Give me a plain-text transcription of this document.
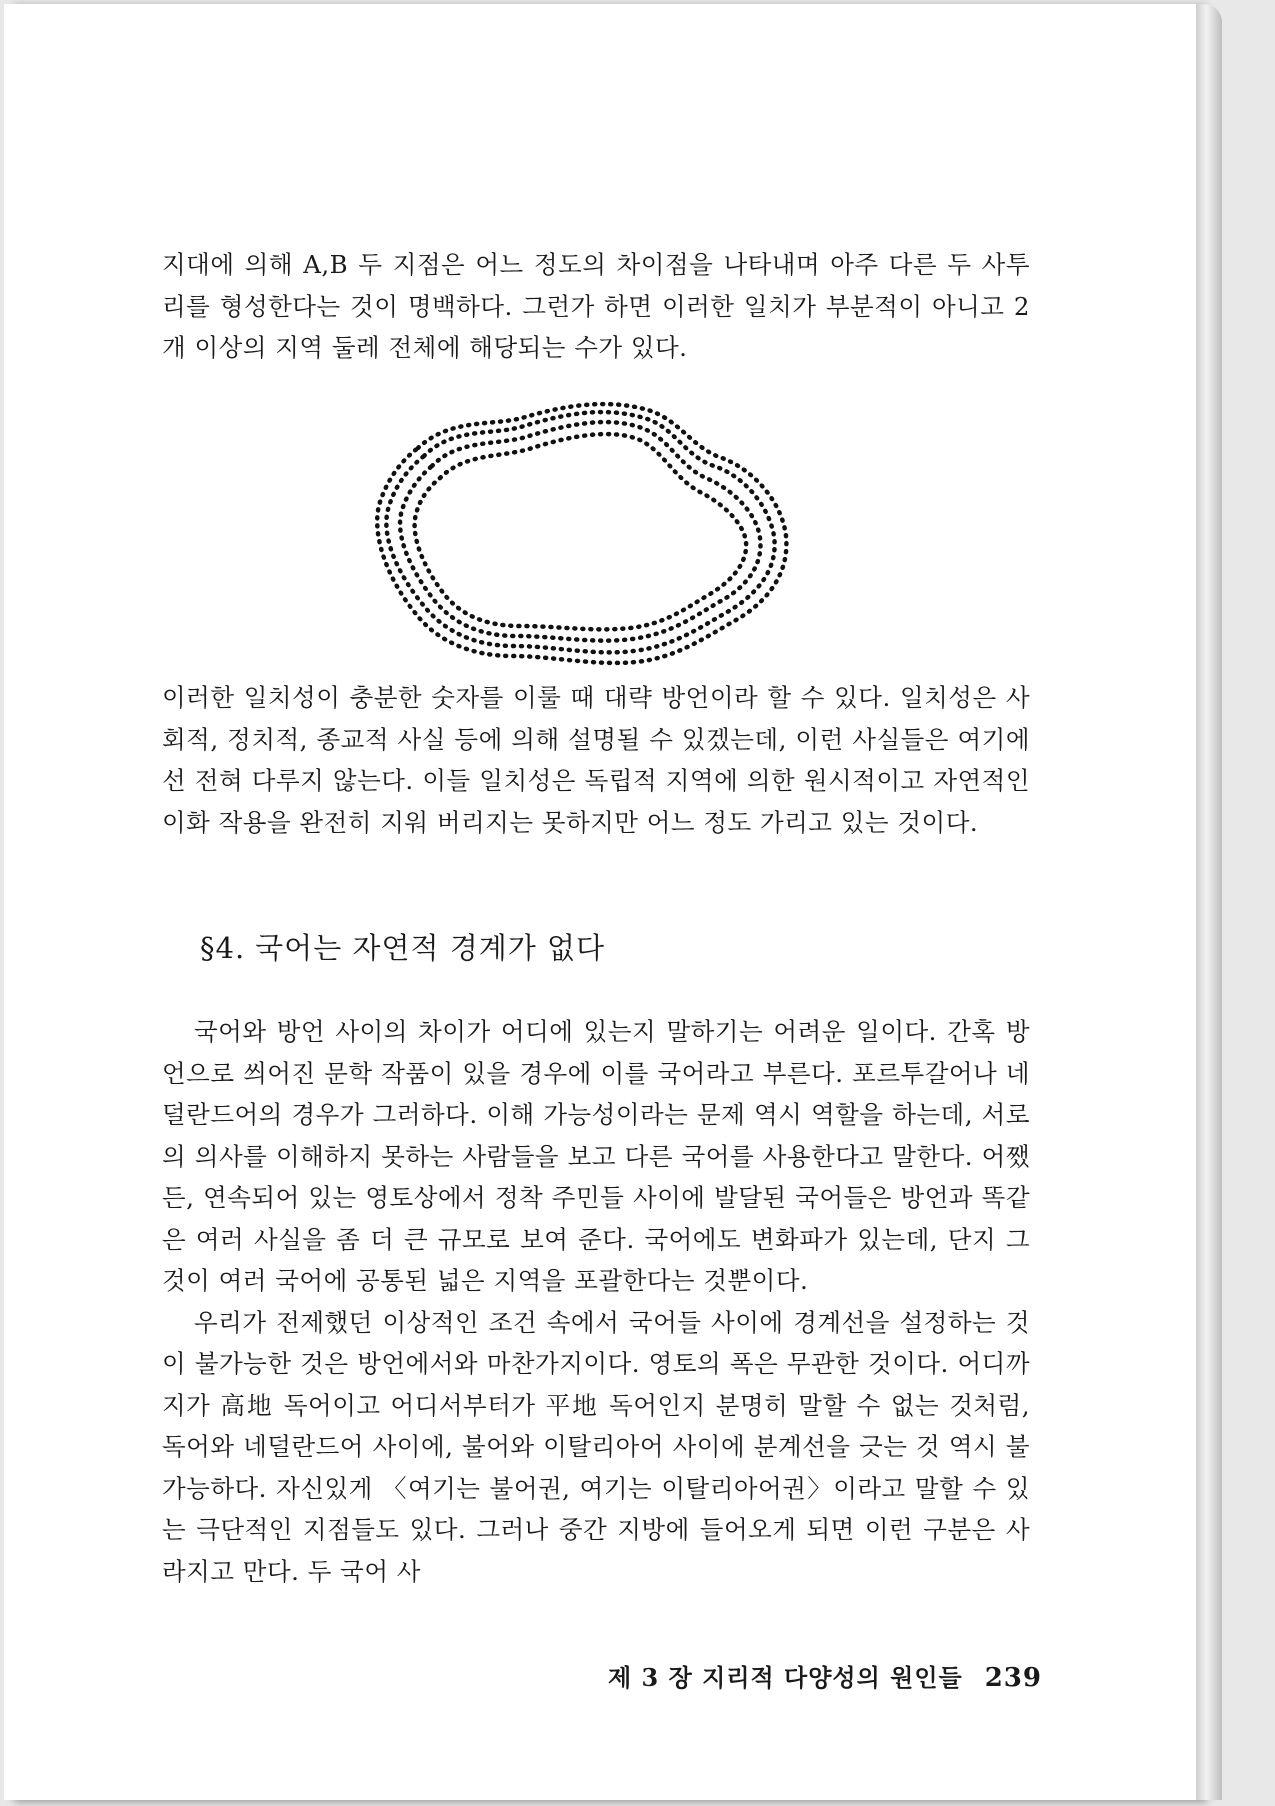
지대에 의해 A,B 두 지점은 어느 정도의 차이점을 나타내며 아주 다른 두 사투리를 형성한다는 것이 명백하다. 그런가 하면 이러한 일치가 부분적이 아니고 2개 이상의 지역 둘레 전체에 해당되는 수가 있다.

이러한 일치성이 충분한 숫자를 이룰 때 대략 방언이라 할 수 있다. 일치성은 사회적, 정치적, 종교적 사실 등에 의해 설명될 수 있겠는데, 이런 사실들은 여기에선 전혀 다루지 않는다. 이들 일치성은 독립적 지역에 의한 원시적이고 자연적인 이화 작용을 완전히 지워 버리지는 못하지만 어느 정도 가리고 있는 것이다.

§4. 국어는 자연적 경계가 없다

국어와 방언 사이의 차이가 어디에 있는지 말하기는 어려운 일이다. 간혹 방언으로 씌어진 문학 작품이 있을 경우에 이를 국어라고 부른다. 포르투갈어나 네덜란드어의 경우가 그러하다. 이해 가능성이라는 문제 역시 역할을 하는데, 서로의 의사를 이해하지 못하는 사람들을 보고 다른 국어를 사용한다고 말한다. 어쨌든, 연속되어 있는 영토상에서 정착 주민들 사이에 발달된 국어들은 방언과 똑같은 여러 사실을 좀 더 큰 규모로 보여 준다. 국어에도 변화파가 있는데, 단지 그것이 여러 국어에 공통된 넓은 지역을 포괄한다는 것뿐이다.

우리가 전제했던 이상적인 조건 속에서 국어들 사이에 경계선을 설정하는 것이 불가능한 것은 방언에서와 마찬가지이다. 영토의 폭은 무관한 것이다. 어디까지가 高地 독어이고 어디서부터가 平地 독어인지 분명히 말할 수 없는 것처럼, 독어와 네덜란드어 사이에, 불어와 이탈리아어 사이에 분계선을 긋는 것 역시 불가능하다. 자신있게 〈여기는 불어권, 여기는 이탈리아어권〉이라고 말할 수 있는 극단적인 지점들도 있다. 그러나 중간 지방에 들어오게 되면 이런 구분은 사라지고 만다. 두 국어 사

제 3 장 지리적 다양성의 원인들 239
